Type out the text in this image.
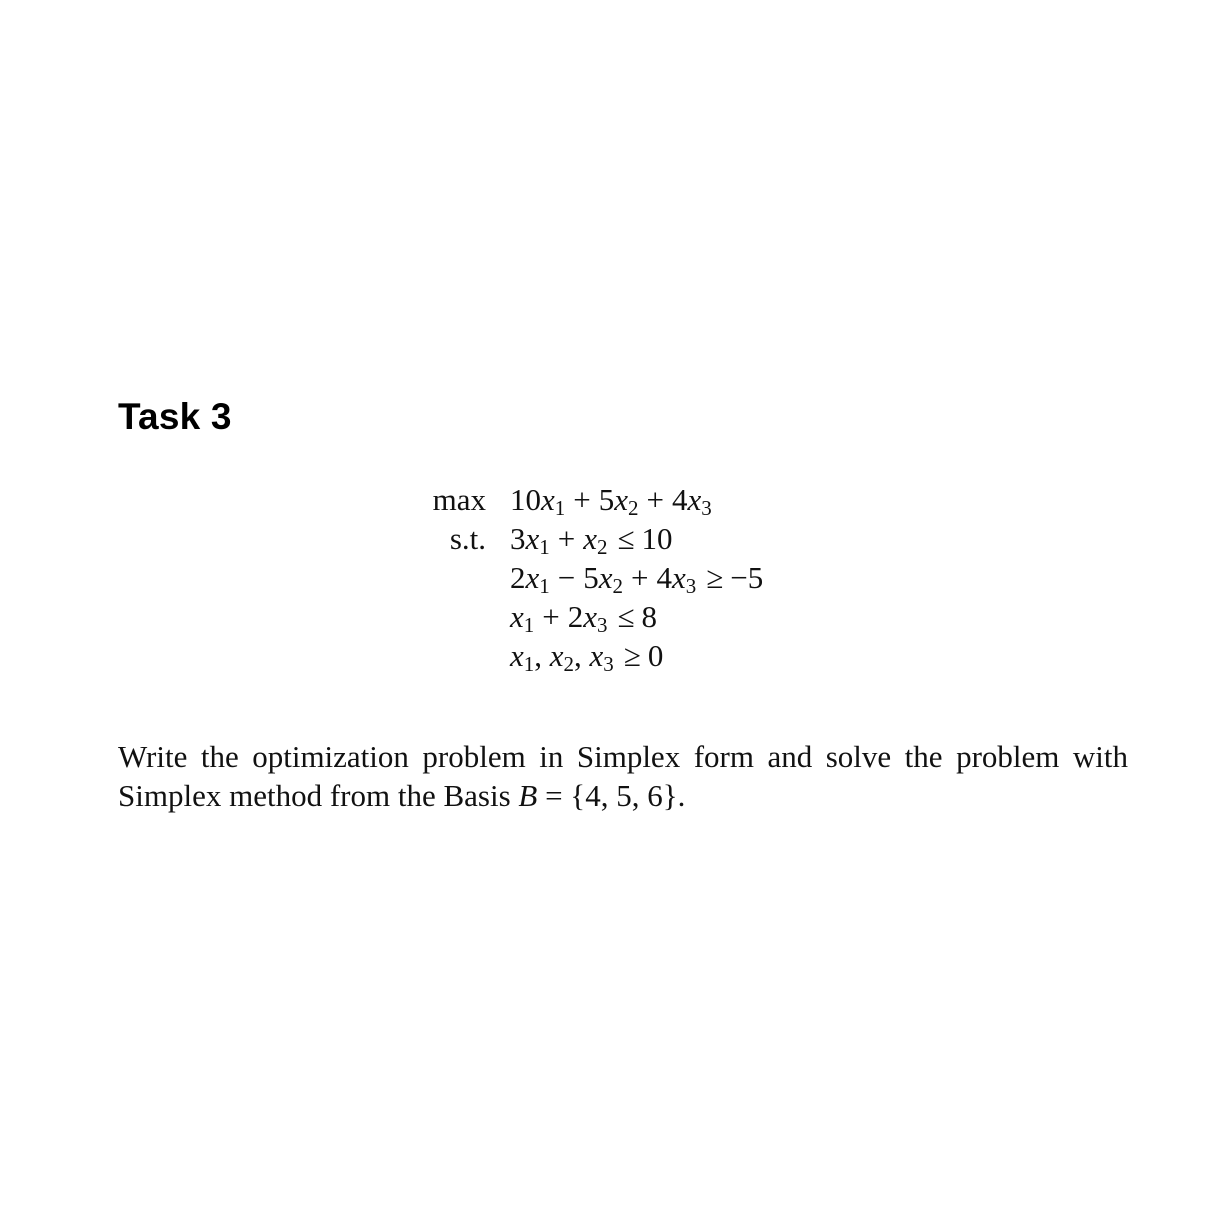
Task 3
max 10x1 + 5x2 + 4x3
s.t. 3x1 + x2 ≤ 10
2x1 − 5x2 + 4x3 ≥ −5
x1 + 2x3 ≤ 8
x1, x2, x3 ≥ 0
Write the optimization problem in Simplex form and solve the problem with Simplex method from the Basis B = {4, 5, 6}.
